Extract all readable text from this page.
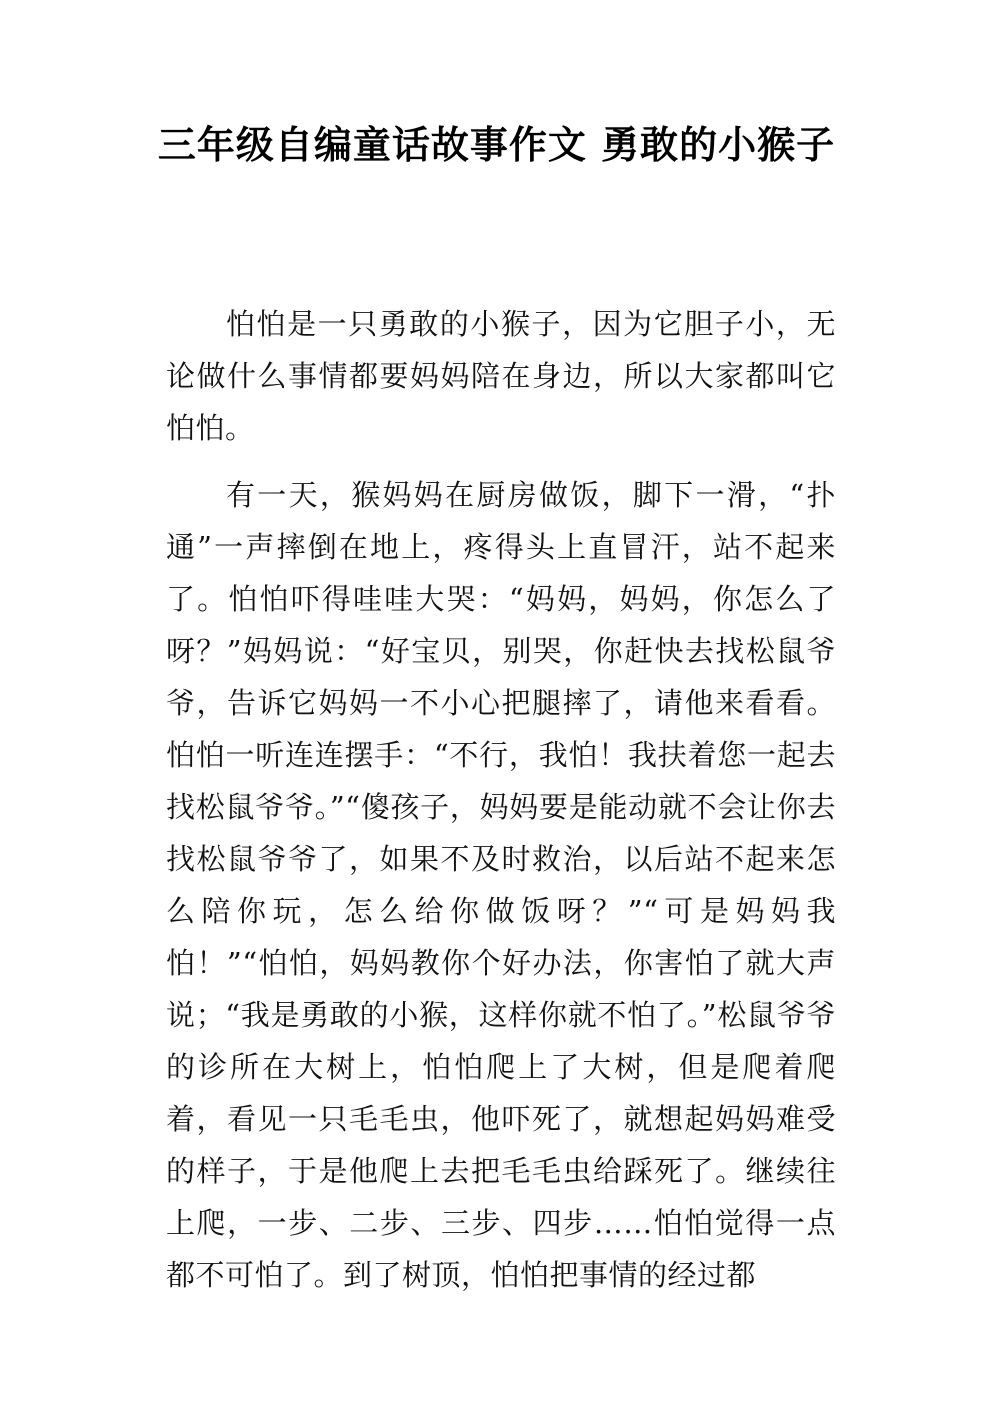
三年级自编童话故事作文 勇敢的小猴子

怕怕是一只勇敢的小猴子，因为它胆子小，无论做什么事情都要妈妈陪在身边，所以大家都叫它怕怕。

有一天，猴妈妈在厨房做饭，脚下一滑，“扑通”一声摔倒在地上，疼得头上直冒汗，站不起来了。怕怕吓得哇哇大哭：“妈妈，妈妈，你怎么了呀？”妈妈说：“好宝贝，别哭，你赶快去找松鼠爷爷，告诉它妈妈一不小心把腿摔了，请他来看看。怕怕一听连连摆手：“不行，我怕！我扶着您一起去找松鼠爷爷。”“傻孩子，妈妈要是能动就不会让你去找松鼠爷爷了，如果不及时救治，以后站不起来怎么陪你玩，怎么给你做饭呀？”“可是妈妈我怕！”“怕怕，妈妈教你个好办法，你害怕了就大声说；“我是勇敢的小猴，这样你就不怕了。”松鼠爷爷的诊所在大树上，怕怕爬上了大树，但是爬着爬着，看见一只毛毛虫，他吓死了，就想起妈妈难受的样子，于是他爬上去把毛毛虫给踩死了。继续往上爬，一步、二步、三步、四步……怕怕觉得一点都不可怕了。到了树顶，怕怕把事情的经过都
